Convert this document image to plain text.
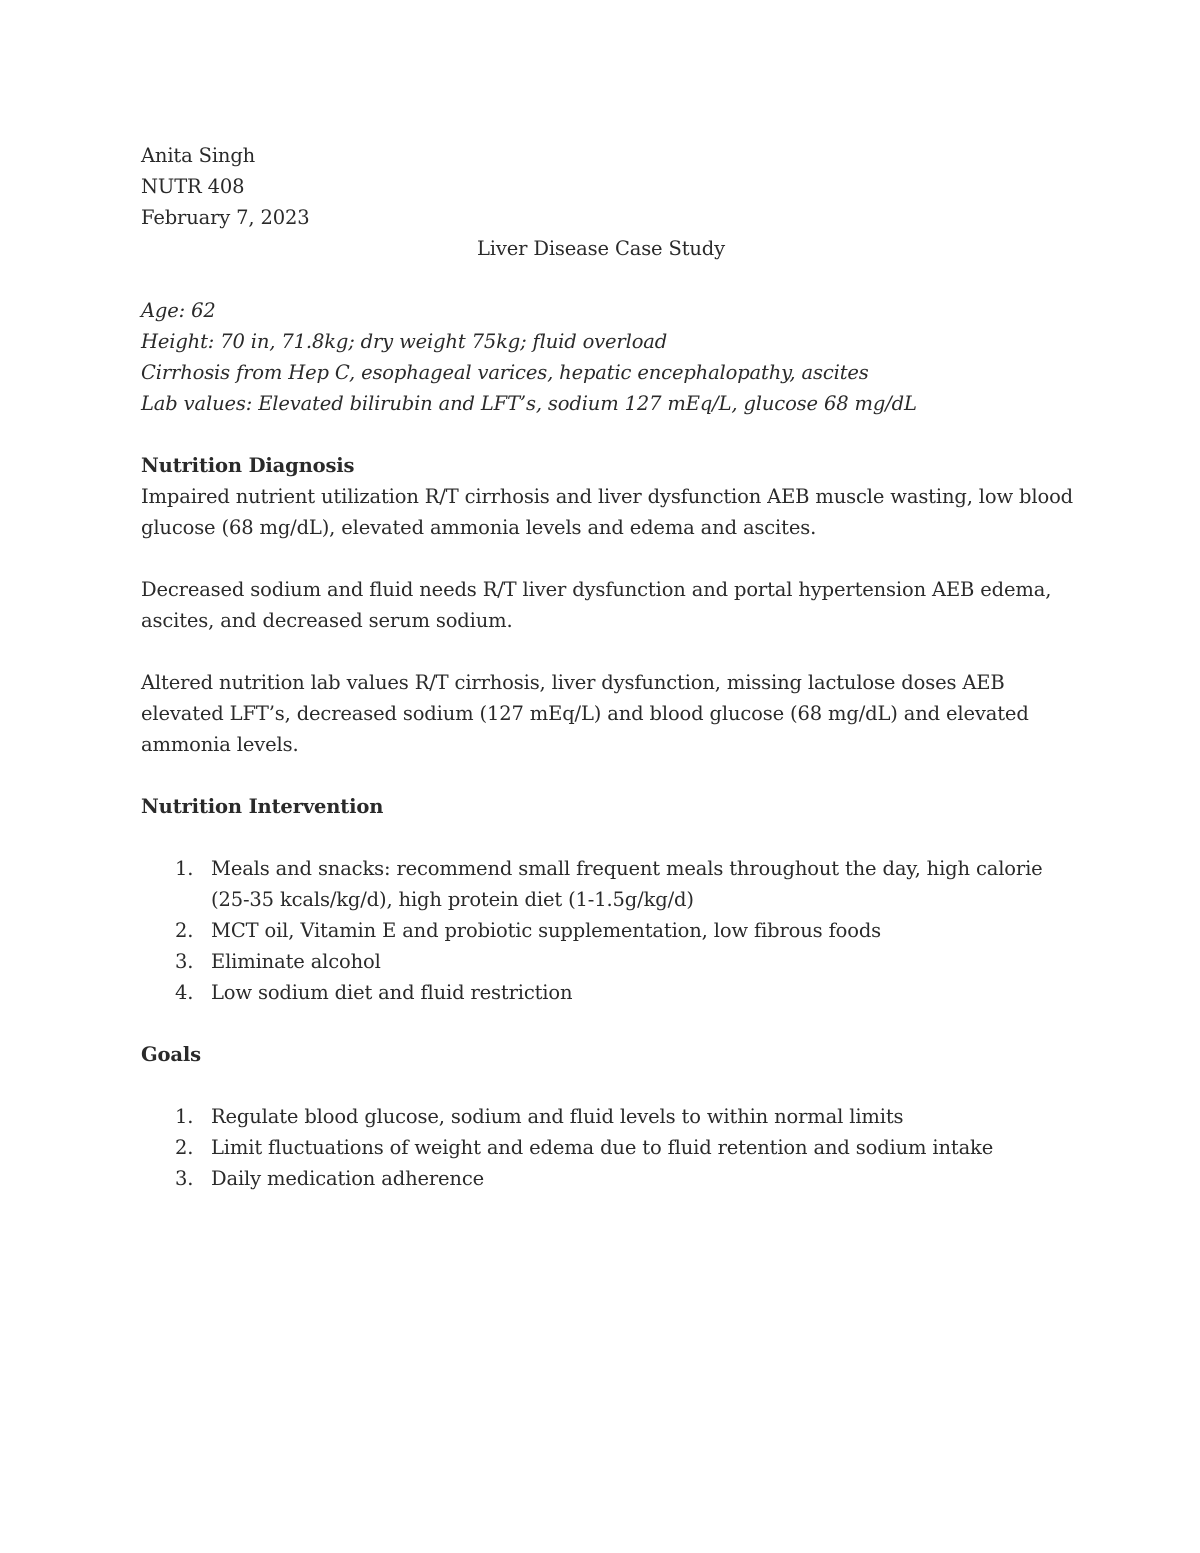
Anita Singh
NUTR 408
February 7, 2023
Liver Disease Case Study
Age: 62
Height: 70 in, 71.8kg; dry weight 75kg; fluid overload
Cirrhosis from Hep C, esophageal varices, hepatic encephalopathy, ascites
Lab values: Elevated bilirubin and LFT’s, sodium 127 mEq/L, glucose 68 mg/dL
Nutrition Diagnosis
Impaired nutrient utilization R/T cirrhosis and liver dysfunction AEB muscle wasting, low blood
glucose (68 mg/dL), elevated ammonia levels and edema and ascites.
Decreased sodium and fluid needs R/T liver dysfunction and portal hypertension AEB edema,
ascites, and decreased serum sodium.
Altered nutrition lab values R/T cirrhosis, liver dysfunction, missing lactulose doses AEB
elevated LFT’s, decreased sodium (127 mEq/L) and blood glucose (68 mg/dL) and elevated
ammonia levels.
Nutrition Intervention
1. Meals and snacks: recommend small frequent meals throughout the day, high calorie
(25-35 kcals/kg/d), high protein diet (1-1.5g/kg/d)
2. MCT oil, Vitamin E and probiotic supplementation, low fibrous foods
3. Eliminate alcohol
4. Low sodium diet and fluid restriction
Goals
1. Regulate blood glucose, sodium and fluid levels to within normal limits
2. Limit fluctuations of weight and edema due to fluid retention and sodium intake
3. Daily medication adherence
